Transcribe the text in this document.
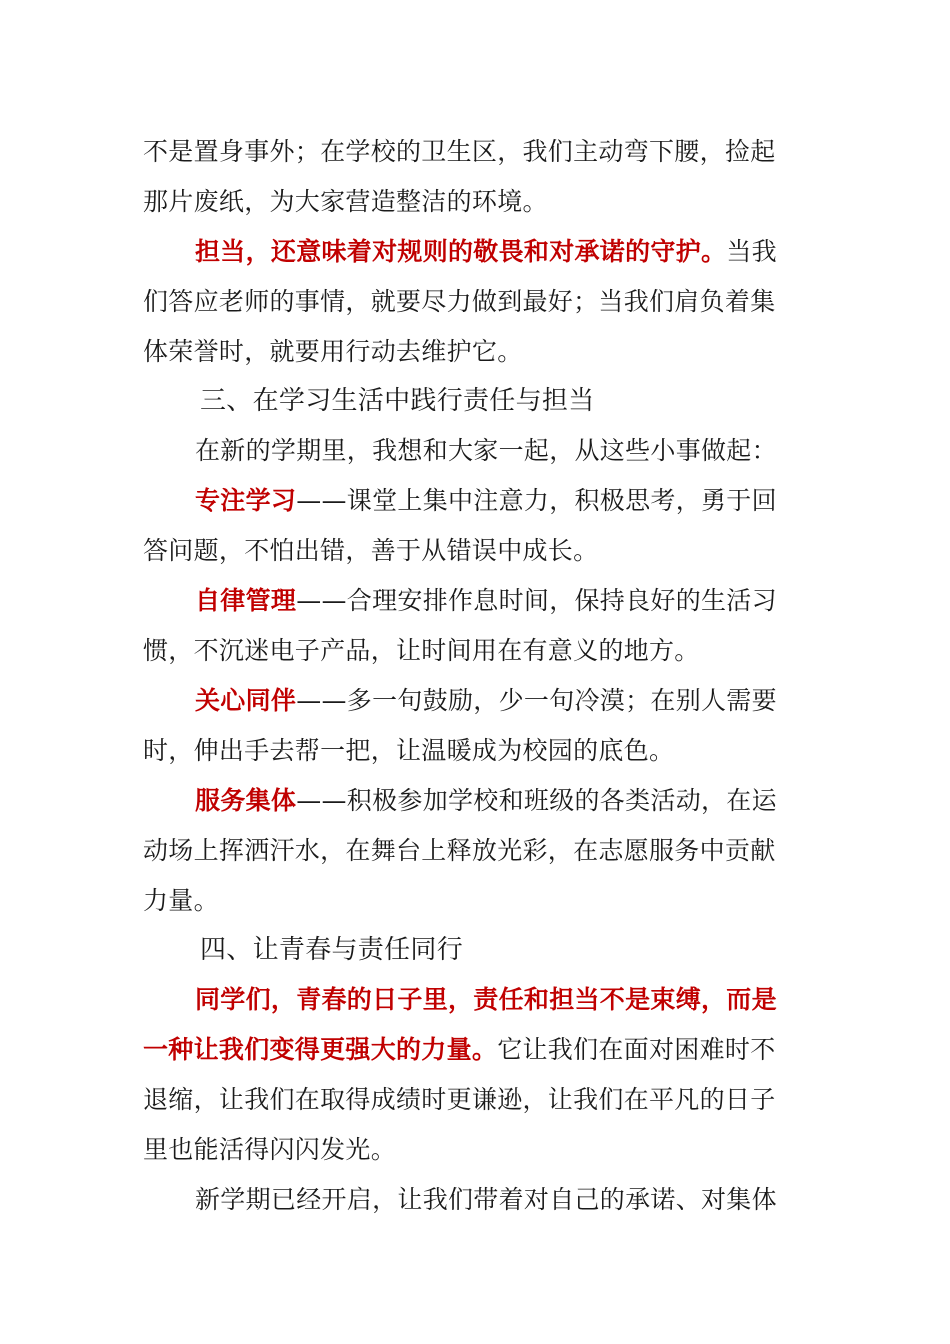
不是置身事外；在学校的卫生区，我们主动弯下腰，捡起
那片废纸，为大家营造整洁的环境。
担当，还意味着对规则的敬畏和对承诺的守护。当我
们答应老师的事情，就要尽力做到最好；当我们肩负着集
体荣誉时，就要用行动去维护它。
三、在学习生活中践行责任与担当
在新的学期里，我想和大家一起，从这些小事做起：
专注学习——课堂上集中注意力，积极思考，勇于回
答问题，不怕出错，善于从错误中成长。
自律管理——合理安排作息时间，保持良好的生活习
惯，不沉迷电子产品，让时间用在有意义的地方。
关心同伴——多一句鼓励，少一句冷漠；在别人需要
时，伸出手去帮一把，让温暖成为校园的底色。
服务集体——积极参加学校和班级的各类活动，在运
动场上挥洒汗水，在舞台上释放光彩，在志愿服务中贡献
力量。
四、让青春与责任同行
同学们，青春的日子里，责任和担当不是束缚，而是
一种让我们变得更强大的力量。它让我们在面对困难时不
退缩，让我们在取得成绩时更谦逊，让我们在平凡的日子
里也能活得闪闪发光。
新学期已经开启，让我们带着对自己的承诺、对集体
